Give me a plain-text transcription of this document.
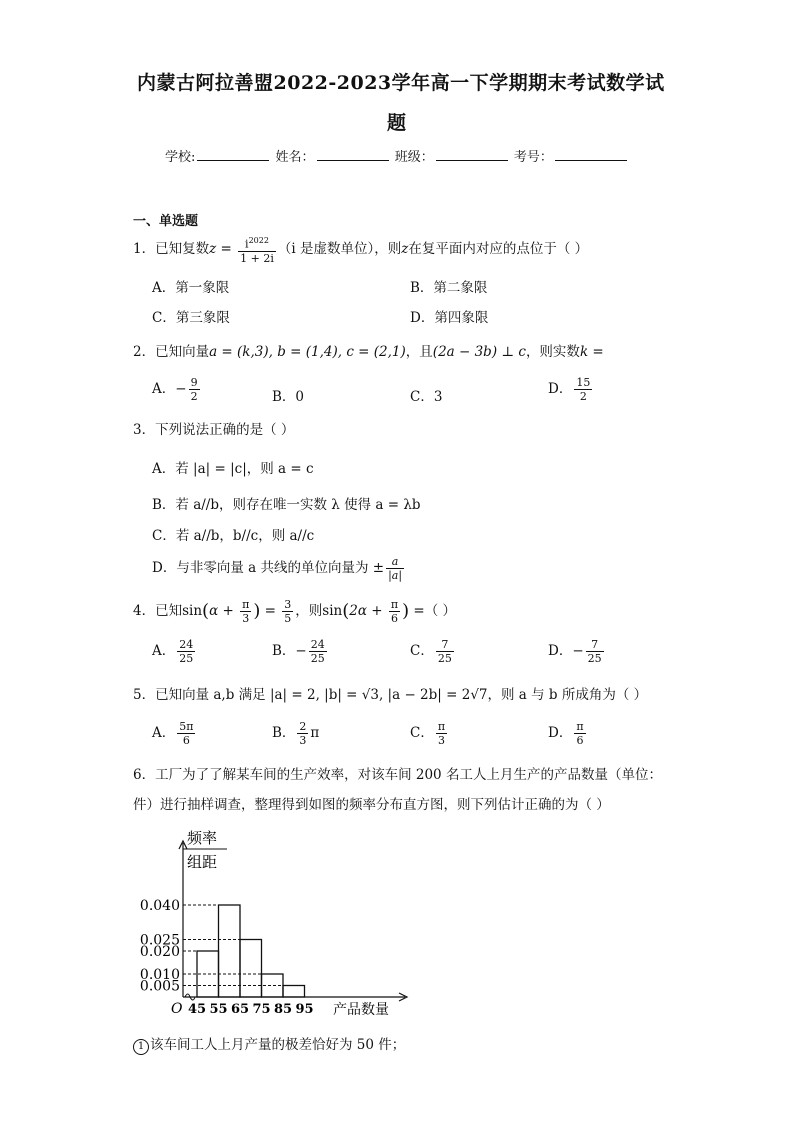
内蒙古阿拉善盟2022-2023学年高一下学期期末考试数学试
题
学校:	姓名：	班级：	考号：
一、单选题
1．已知复数$z = \frac{i^{2022}}{1 + 2i} (i$ 是虚数单位），则z在复平面内对应的点位于（ ）
A．第一象限	B．第二象限
C．第三象限	D．第四象限
2．已知向量a = (k,3), b = (1,4), c = (2,1)，且(2a − 3b) ⊥ c，则实数k =
A．− $\frac{9}{2}$	B．0	C．3	D． $\frac{15}{2}$
3．下列说法正确的是（ ）
A．若 |a| = |c|，则 a = c
B．若 a//b，则存在唯一实数 λ 使得 a = λb
C．若 a//b，b//c，则 a//c
D．与非零向量 a 共线的单位向量为 ± $\frac{a}{|a|}$
4．已知$\sin(\alpha + \frac{\pi}{3}$ ) = $\frac{3}{5}$ ，则$\sin(2\alpha + \frac{\pi}{6}$ ) =（ ）
A． $\frac{24}{25}$	B．− $\frac{24}{25}$	C． $\frac{7}{25}$	D．− $\frac{7}{25}$
5．已知向量 a,b 满足 |a| = 2, |b| = √3, |a − 2b| = 2√7，则 a 与 b 所成角为（ ）
A． $\frac{5\pi}{6}$	B． $\frac{2}{3}$ π	C． $\frac{\pi}{3}$	D． $\frac{\pi}{6}$
6．工厂为了了解某车间的生产效率，对该车间 200 名工人上月生产的产品数量（单位：
件）进行抽样调查，整理得到如图的频率分布直方图，则下列估计正确的为（ ）
0.040
0.025
0.020
0.010
0.005
45 55 65 75 85 95
O	产品数量
频率
组距
1 该车间工人上月产量的极差恰好为 50 件；
